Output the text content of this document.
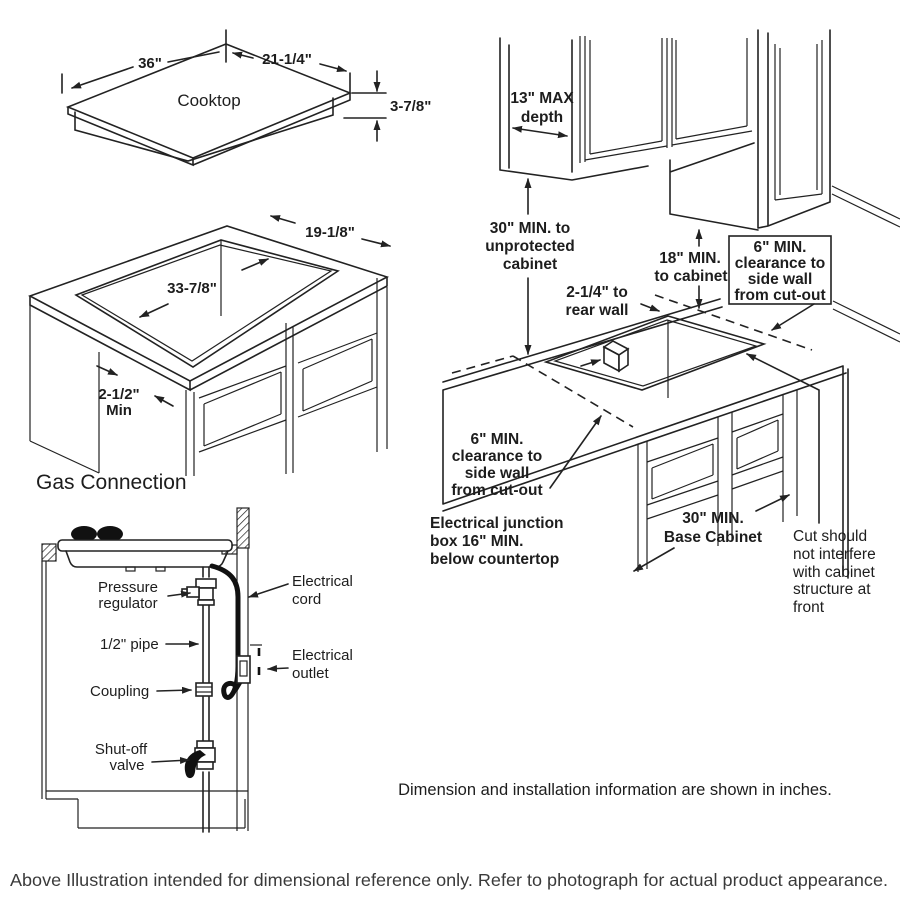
36"	21-1/4"
3-7/8"
Cooktop
19-1/8"
33-7/8"
2-1/2"
Min
Gas Connection
Pressure
regulator
Electrical
cord
1/2" pipe
Electrical
outlet
Coupling
Shut-off
valve
13" MAX
depth
30" MIN. to
unprotected
cabinet	18" MIN.
to cabinet
6" MIN.
clearance to
side wall
from cut-out
2-1/4" to
rear wall
6" MIN.
clearance to
side wall
from cut-out
Electrical junction
box 16" MIN.
below countertop
30" MIN.
Base Cabinet Cut should
not interfere
with cabinet
structure at
front
Dimension and installation information are shown in inches.
Above Illustration intended for dimensional reference only. Refer to photograph for actual product appearance.
